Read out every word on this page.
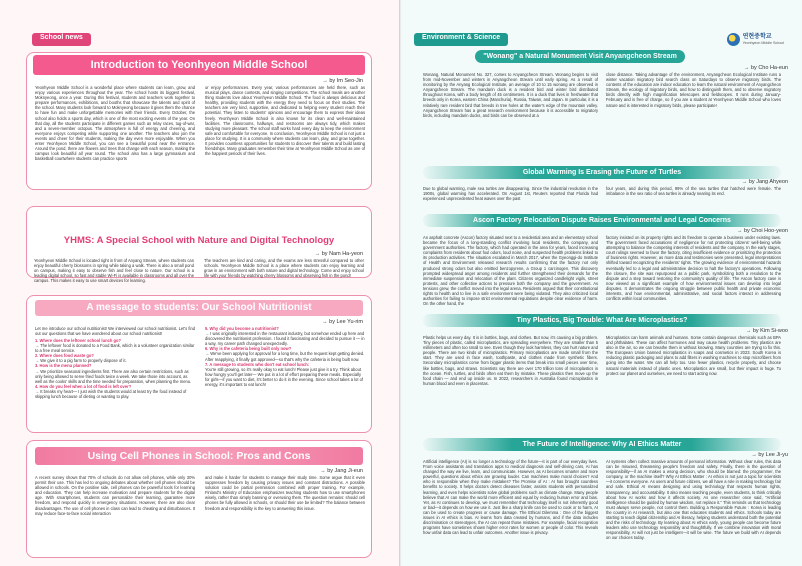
School news
Introduction to Yeonhyeon Middle School
→ by Im Seo-Jin
Yeonhyeon Middle School is a wonderful place where students can learn, grow, and enjoy various experiences throughout the year. The school hosts its biggest festival, Moknyeong, once a year. During this festival, students and teachers work together to prepare performances, exhibitions, and booths that showcase the talents and spirit of the school. Many students look forward to Moknyeong because it gives them the chance to have fun and make unforgettable memories with their friends. Every October, the school also holds a sports day, which is one of the most exciting events of the year. On that day, all the students participate in different games such as relay races, tug-of-war, and a seven-member octopus. The atmosphere is full of energy and cheering, and everyone enjoys competing while supporting one another. The teachers also join the events and cheer for their students, making the day even more enjoyable. When you enter Yeonhyeon Middle School, you can see a beautiful pond near the entrance. Around the pond, there are flowers and trees that change with each season, making the campus look beautiful all year round. The school also has a large gymnasium and basketball courtwhere students can practice sports
or enjoy performances. Every year, various performances are held there, such as musical plays, dance contests, and singing competitions. The school meals are another thing students love about Yeonhyeon Middle School. The food is always delicious and healthy, providing students with the energy they need to focus on their studies. The teachers are very kind, supportive, and dedicated to helping every student reach their potential. They listen to students' opinions and encourage them to express their ideas freely. Yeonhyeon Middle School is also known for its clean and well-maintained facilities. The classrooms, hallways, and restrooms are always tidy, which makes studying more pleasant. The school staff works hard every day to keep the environment safe and comfortable for everyone. In conclusion, Yeonhyeon Middle School is not just a place for studying. It is a community where students can learn, play, and grow together. It provides countless opportunities for students to discover their talents and build lasting friendships. Many graduates remember their time at Yeonhyeon Middle School as one of the happiest periods of their lives.
YHMS: A Special School with Nature and Digital Technology
→ by Nam Ha-yeon
Yeonhyeon Middle School is located right in front of Anyang Stream, where students can enjoy beautiful cherry blossoms in spring while taking a walk. There is also a small pond on campus, making it easy to observe fish and feel close to nature. Our school is a leading digital school, so fast and stable Wi-Fi is available in classrooms and all over the campus. This makes it easy to use smart devices for learning.
The teachers are kind and caring, and the exams are less stressful compared to other schools. Yeonhyeon Middle School is a place where students can enjoy learning and grow in an environment with both nature and digital technology. Come and enjoy school life with your friends by watching cherry blossoms and observing fish in the pond!
A message to students: Our School Nutritionist
→ by Lee Yu-rim
Let me introduce our school nutritionist! We interviewed our school nutritionist. Let's find out our questions that we have wondered about our school nutritionist!
1. Where does the leftover school lunch go?
→ The leftover food is donated to a Food Bank, which is a volunteer organization similar to a free meal service.
2. Where does food waste go?
→ We give it to a pig farm to properly dispose of it.
3. How is the menu planned?
→ We prioritize seasonal ingredients first. There are also certain restrictions, such as only being allowed to serve fried foods twice a week. We take those into account, as well as the cooks' skills and the time needed for preparation, when planning the menu.
4. How do you feel when a lot of food is left over?
→ It breaks my heart— I just wish the students would at least try the food instead of skipping lunch because of dieting or wanting to play.
5. Why did you become a nutritionist?
→ I was originally interested in the restaurant industry, but somehow ended up here and discovered the nutritionist profession. I found it fascinating and decided to pursue it — in a way, my career path changed unexpectedly.
6. Why is the cafeteria being built only now?
→ We've been applying for approval for a long time, but the request kept getting denied. After reapplying, it finally got approved—so that's why the cafeteria is being built now.
7. A message to students who don't eat school lunch:
You're still growing, so it's really okay to eat lunch! Please just give it a try. Think about how hungry you'll get later— We put in a lot of effort preparing these meals. Especially for girls—if you want to diet, it's better to do it in the evening. Since school takes a lot of energy, it's important to eat lunch!
Using Cell Phones in School: Pros and Cons
→ by Jang Ji-eun
A recent survey shows that 70% of schools do not allow cell phones, while only 30% permit their use. This has led to ongoing debates about whether cell phones should be allowed in schools. On the positive side, cell phones can be powerful tools for learning and education. They can help increase motivation and prepare students for the digital age. With smartphones, students can personalize their learning, guarantee more freedom, and respond quickly in emergency situations. However, there are also clear disadvantages. The use of cell phones in class can lead to cheating and disturbances. It may reduce face-to-face social interaction
and make it harder for students to manage their study time. Some argue that it even suppresses freedom by causing privacy issues and constant distractions. A possible solution could be partial permission combined with proper training. For example, Finland's Ministry of Education emphasizes teaching students how to use smartphones wisely, rather than simply banning or overusing them. The question remains: should cell phones be fully allowed in schools, or should their use be limited? The balance between freedom and responsibility is the key to answering this issue.
Environment & Science	연현중학교
Yeonhyeon Middle School
"Wonang" a Natural Monument Visit Anyangcheon Stream
→ by Cho Ha-eun
Wonang, Natural Monument No. 327, comes to Anyangcheon Stream. Wonang begins to visit from mid-November and winters in Anyangcheon Stream until early spring. As a result of monitoring by the Anyang Ecological Institute, an average of 10 to 15 wonang are observed in Anyangcheon Stream. The mandarin duck is a resident bird and winter bird distributed throughout Korea, with a body length of 45 centimeters. It is a duck that lives in freshwater that breeds only in Korea, eastern China (Manchuria), Russia, Taiwan, and Japan. In particular, it is a relatively rare resident bird that breeds in tree holes at the water's edge of the mountain valley. Anyangcheon Stream has a great research environment because it is accessible to migratory birds, including mandarin ducks, and birds can be observed at a
close distance. Taking advantage of the environment, Anyangcheon Ecological Institute runs a winter vacation migratory bird search class on Saturdays to observe migratory birds. The contents of the education are indoor education to learn the natural environment of Anyangcheon Stream, the ecology of migratory birds, and how to distinguish them, and to observe migratory birds directly with high magnification telescopes and fieldscopes. It runs during January-February and is free of charge, so if you are a student at Yeonhyeon Middle School who loves nature and is interested in migratory birds, please participate!
Global Warming Is Erasing the Future of Turtles
→ by Jang Ahyeon
Due to global warming, male sea turtles are disappearing. Since the industrial revolution in the 1900s, global warming has accelerated. On August 1st, Reuters reported that Florida had experienced unprecedented heat waves over the past
four years, and during this period, 99% of the sea turtles that hatched were female. The imbalance in the sex ratio of sea turtles is already nearing its end.
Ascon Factory Relocation Dispute Raises Environmental and Legal Concerns
→ by Choi Hoo-yeon
An asphalt concrete (Ascon) factory situated next to a residential area and an elementary school became the focus of a long-standing conflict involving local residents, the company, and government authorities. The factory, which had operated in the area for years, faced increasing complaints from residents about foul odors, loud noise, and suspected health problems linked to its production activities. The situation escalated in March 2017, when the Gyeonggi-do Institute of Health and Environment released research results confirming that the factory not only produced strong odors but also emitted benzopyrene, a Group 1 carcinogen. This discovery prompted widespread anger among residents and further strengthened their demands for the immediate suspension and relocation of the plant. Citizens organized candlelight vigils, street protests, and other collective actions to pressure both the company and the government. As tensions grew, the conflict moved into the legal arena. Residents argued that their constitutional rights to health and to live in a safe environment were being violated. They also criticized local authorities for failing to impose strict environmental regulations despite clear evidence of harm. On the other hand, the
factory insisted on its property rights and its freedom to operate a business under existing laws. The government faced accusations of negligence for not protecting citizens' well-being while attempting to balance the competing interests of residents and the company. In the early stages, court rulings seemed to favor the factory, citing insufficient evidence or prioritizing the protection of business rights. However, as more data and testimonies were presented, legal interpretations shifted toward recognizing the residents' rights. The growing evidence of environmental hazards eventually led to a legal and administrative decision to halt the factory's operations. Following the closure, the site was repurposed as a public park, symbolizing both a resolution to the dispute and a step toward restoring the community's quality of life. The Ascon factory case is now viewed as a significant example of how environmental issues can develop into legal disputes. It demonstrates the ongoing struggle between public health and private economic interests, and how environmental, administrative, and social factors interact in addressing conflicts within local communities.
Tiny Plastics, Big Trouble: What Are Microplastics?
→ by Kim Si-woo
Plastic helps us every day. It is in bottles, bags, and clothes. But now, it's causing a big problem. Tiny pieces of plastic, called microplastics, are spreading everywhere. They are smaller than 5 millimeters and often too small to see. Even though they look harmless, they can hurt nature and people. There are two kinds of microplastics. Primary microplastics are made small from the start. They are used in face wash, toothpaste, and clothes made from synthetic fibers. Secondary microplastics come from bigger plastic items that break into small pieces over time, like bottles, bags, and straws. Scientists say there are over 170 trillion tons of microplastics in the ocean. Fish, turtles, and birds often eat them by mistake. These plastics then move up the food chain — and end up inside us. In 2022, researchers in Australia found microplastics in human blood and even in placentas.
Microplastics can harm animals and humans. Some contain dangerous chemicals such as BPA and phthalates. These can affect hormones and may cause health problems. Tiny plastics are also in the air, so we can breathe them in without knowing. Many countries are trying to fix this. The European Union banned microplastics in soaps and cosmetics in 2023. South Korea is reducing plastic packaging and plans to add filters in washing machines to stop microfibers from going into the water. We can all help too. Use fewer plastics, recycle properly, and choose natural materials instead of plastic ones. Microplastics are small, but their impact is huge. To protect our planet and ourselves, we need to start acting now.
The Future of Intelligence: Why AI Ethics Matter
→ by Lee Ji-yu
Artificial intelligence (AI) is no longer a technology of the future—it is part of our everyday lives. From voice assistants and translation apps to medical diagnosis and self-driving cars, AI has changed the way we live, learn, and communicate. However, as AI becomes smarter and more powerful, questions about ethics are growing louder. Can machines make moral choices? And who is responsible when they make mistakes? The Promise of AI : AI has brought countless benefits to society. It helps doctors detect diseases faster, assists students with personalized learning, and even helps scientists solve global problems such as climate change. Many people believe that AI can make the world more efficient and equal by reducing human error and bias. Yet, as AI continues to develop, we must remember that technology itself is not inherently good or bad—it depends on how we use it. Just like a sharp knife can be used to cook or to harm, AI can be used to create progress or cause damage. The Ethical Dilemma : One of the biggest issues in AI ethics is bias. AI learns from data created by humans, and if the data includes discrimination or stereotypes, the AI can repeat those mistakes. For example, facial recognition programs have sometimes shown higher error rates for women or people of color. This reveals how unfair data can lead to unfair outcomes. Another issue is privacy.
AI systems often collect massive amounts of personal information. Without clear rules, this data can be misused, threatening people's freedom and safety. Finally, there is the question of responsibility—if an AI makes a wrong decision, who should be blamed: the programmer, the company, or the machine itself? Why AI Ethics Matter : AI ethics is not just a topic for scientists—it concerns everyone. As users and future citizens, we all have a role in making technology fair and safe. Ethical AI means designing and using technology that respects human rights, transparency, and accountability. It also means teaching people, even students, to think critically about how AI works and how it affects society. As one researcher once said, "Artificial intelligence should be guided by human wisdom, not replace it." This reminds us that technology must always serve people, not control them. Building a Responsible Future : Korea is leading the country in AI research, but also one that educates students and ethics. Schools today are starting to teach digital citizenship and AI literacy, helping students understand both the potential and the risks of technology. By learning about AI ethics early, young people can become future leaders who use technology responsibly and thoughtfully. If we combine innovation with moral responsibility, AI will not just be intelligent—it will be wise. The future we build with AI depends on our choices today.
